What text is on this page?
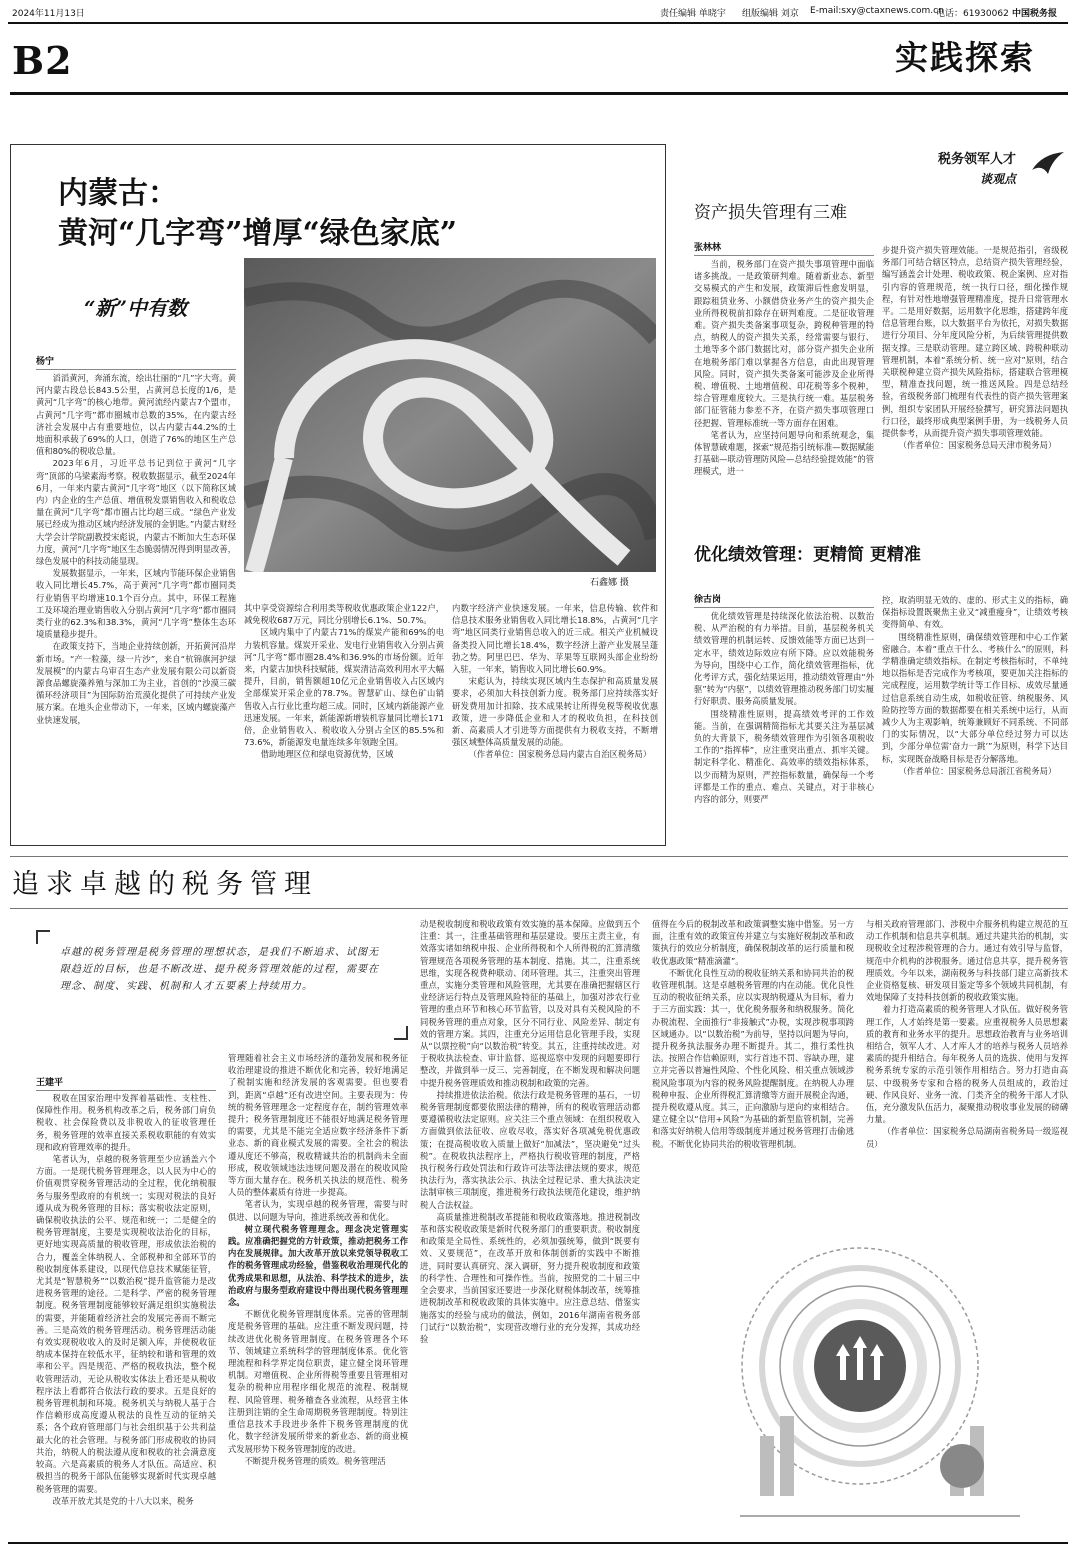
2024年11月13日	责任编辑 单晓宇	组版编辑 刘京	E-mail:sxy@ctaxnews.com.cn
电话：61930062 中国税务报
B2	实践探索
内蒙古：
黄河“几字弯”增厚“绿色家底”
“新”中有数
杨宁
石鑫娜 摄

滔滔黄河，奔涌东流，绘出壮丽的“几”字大弯。黄河内蒙古段总长843.5公里，占黄河总长度的1/6，是黄河“几字弯”的核心地带。黄河流经内蒙古7个盟市，占黄河“几字弯”都市圈城市总数的35%，在内蒙古经济社会发展中占有重要地位，以占内蒙古44.2%的土地面积承载了69%的人口，创造了76%的地区生产总值和80%的税收总量。

2023年6月，习近平总书记到位于黄河“几字弯”顶部的乌梁素海考察。税收数据显示，截至2024年6月，一年来内蒙古黄河“几字弯”地区（以下简称区域内）内企业的生产总值、增值税发票销售收入和税收总量在黄河“几字弯”都市圈占比均超三成。“绿色产业发展已经成为推动区域内经济发展的金钥匙。”内蒙古财经大学会计学院副教授宋彪说，内蒙古不断加大生态环保力度，黄河“几字弯”地区生态脆弱情况得到明显改善，绿色发展中的科技动能显现。

发展数据显示，一年来，区域内节能环保企业销售收入同比增长45.7%，高于黄河“几字弯”都市圈同类行业销售平均增速10.1个百分点。其中，环保工程施工及环境治理业销售收入分别占黄河“几字弯”都市圈同类行业的62.3%和38.3%，黄河“几字弯”整体生态环境质量稳步提升。

在政策支持下，当地企业持续创新，开拓黄河沿岸新市场。“产一粒藻，绿一片沙”，来自“杭锦旗河护绿发展模”的内蒙古乌审召生态产业发展有限公司以新资源食品螺旋藻养殖与深加工为主业，首创的“沙漠三碳循环经济项目”为国际防治荒漠化提供了可持续产业发展方案。在地头企业带动下，一年来，区域内螺旋藻产业快速发展，

其中享受资源综合利用类等税收优惠政策企业122户，减免税收687万元，同比分别增长6.1%、50.7%。

区域内集中了内蒙古71%的煤炭产能和69%的电力装机容量。煤炭开采业、发电行业销售收入分别占黄河“几字弯”都市圈28.4%和36.9%的市场份额。近年来，内蒙古加快科技赋能，煤炭清洁高效利用水平大幅提升，目前，销售额超10亿元企业销售收入占区域内全部煤炭开采企业的78.7%。智慧矿山、绿色矿山销售收入占行业比重均超三成。同时，区域内新能源产业迅速发展。一年来，新能源新增装机容量同比增长171倍，企业销售收入、税收收入分别占全区的85.5%和73.6%，新能源发电量连续多年领跑全国。

借助地理区位和绿电资源优势，区域

内数字经济产业快速发展。一年来，信息传输、软件和信息技术服务业销售收入同比增长18.8%，占黄河“几字弯”地区同类行业销售总收入的近三成。相关产业机械设备类投入同比增长18.4%，数字经济上游产业发展呈蓬勃之势。阿里巴巴、华为、苹果等互联网头部企业纷纷入驻，一年来，销售收入同比增长60.9%。

宋彪认为，持续实现区域内生态保护和高质量发展要求，必须加大科技创新力度。税务部门应持续落实好研发费用加计扣除、技术成果转让所得免税等税收优惠政策，进一步降低企业和人才的税收负担，在科技创新、高素质人才引进等方面提供有力税收支持，不断增强区域整体高质量发展的动能。

（作者单位：国家税务总局内蒙古自治区税务局）

税务领军人才
谈观点
资产损失管理有三难
张林林

当前，税务部门在资产损失事项管理中面临诸多挑战。一是政策研判难。随着新业态、新型交易模式的产生和发展，政策滞后性愈发明显，跟踪租赁业务、小额借贷业务产生的资产损失企业所得税税前扣除存在研判难度。二是征收管理难。资产损失类备案事项复杂，跨税种管理的特点，纳税人的资产损失关系，经常需要与银行、土地等多个部门数据比对，部分资产损失企业所在地税务部门难以掌握各方信息，由此出现管理风险。同时，资产损失类备案可能涉及企业所得税、增值税、土地增值税、印花税等多个税种，综合管理难度较大。三是执行统一难。基层税务部门征管能力参差不齐，在资产损失事项管理口径把握、管理标准统一等方面存在困难。

笔者认为，应坚持问题导向和系统观念，集体智慧破难题，探索“规范指引统标准—数据赋能打基础—联动管理防风险—总结经验提效能”的管理模式，进一

步提升资产损失管理效能。一是规范指引，省级税务部门可结合辖区特点，总结资产损失管理经验，编写涵盖会计处理、税收政策、税企案例、应对指引内容的管理规范，统一执行口径，细化操作规程，有针对性地增强管理精准度，提升日常管理水平。二是用好数据，运用数字化思维，搭建跨年度信息管理台账，以大数据平台为依托，对损失数据进行分项目、分年度风险分析，为后续管理提供数据支撑。三是联动管理。建立跨区域、跨税种联动管理机制，本着“系统分析、统一应对”原则，结合关联税种建立资产损失风险指标，搭建联合管理模型，精准查找问题，统一推送风险。四是总结经验，省级税务部门梳理有代表性的资产损失管理案例，组织专家团队开展经验撰写，研究算法问题执行口径，最终形成典型案例手册，为一线税务人员提供参考，从而提升资产损失事项管理效能。

（作者单位：国家税务总局天津市税务局）

优化绩效管理：更精简 更精准
徐古岗

优化绩效管理是持续深化依法治税、以数治税、从严治税的有力举措。目前，基层税务机关绩效管理的机制运转、反馈效能等方面已达到一定水平，绩效边际效应有所下降。应以效能税务为导向，围绕中心工作，简化绩效管理指标，优化考评方式，强化结果运用，推动绩效管理由“外驱”转为“内驱”，以绩效管理推动税务部门切实履行好职责、服务高质量发展。

围绕精准性原则，提高绩效考评的工作效能。当前，在强调精简指标尤其要关注为基层减负的大背景下，税务绩效管理作为引领各项税收工作的“指挥棒”，应注重突出重点、抓牢关键。制定科学化、精准化、高效率的绩效指标体系，以少而精为原则，严控指标数量，确保每一个考评都是工作的重点、难点、关键点，对于非核心内容的部分，则要严

控，取消明显无效的、虚的、形式主义的指标，确保指标设置既聚焦主业又“减重瘦身”，让绩效考核变得简单、有效。

围绕精准性原则，确保绩效管理和中心工作紧密融合。本着“重点干什么、考核什么”的原则，科学精准确定绩效指标。在制定考核指标时，不单纯地以指标是否完成作为考核项，要更加关注指标的完成程度，运用数学统计等工作目标、成效尽量通过信息系统自动生成，如税收征管、纳税服务、风险防控等方面的数据都要在相关系统中运行，从而减少人为主观影响，统筹兼顾好不同系统、不同部门的实际情况，以“大部分单位经过努力可以达到，少部分单位需‘奋力一跳’”为原则，科学下达目标，实现既奋战略目标是否分解落地。

（作者单位：国家税务总局浙江省税务局）

追求卓越的税务管理
卓越的税务管理是税务管理的理想状态，是我们不断追求、试图无限趋近的目标，也是不断改进、提升税务管理效能的过程，需要在理念、制度、实践、机制和人才五要素上持续用力。
王建平

税收在国家治理中发挥着基础性、支柱性、保障性作用。税务机构改革之后，税务部门肩负税收、社会保险费以及非税收入的征收管理任务，税务管理的效率直接关系税收职能的有效实现和政府管理效率的提升。

笔者认为，卓越的税务管理至少应涵盖六个方面。一是现代税务管理理念，以人民为中心的价值观贯穿税务管理活动的全过程，优化纳税服务与服务型政府的有机统一；实现对税法的良好遵从成为税务管理的目标；落实税收法定原则，确保税收执法的公平、规范和统一；二是健全的税务管理制度，主要是实现税收法治化的目标，更好地实现高质量的税收管理，形成依法治税的合力，覆盖全体纳税人、全部税种和全部环节的税收制度体系建设，以现代信息技术赋能征管，尤其是“智慧税务”“以数治税”提升监管能力是改进税务管理的途径。二是科学、严密的税务管理制度。税务管理制度能够较好满足组织实施税法的需要，并能随着经济社会的发展完善而不断完善。三是高效的税务管理活动。税务管理活动能有效实现税收收入的及时足额入库，并使税收征纳成本保持在较低水平，征纳较和谐和管理的效率和公平。四是规范、严格的税收执法，整个税收管理活动，无论从税收实体法上看还是从税收程序法上看都符合依法行政的要求。五是良好的税务管理机制和环境。税务机关与纳税人基于合作信赖形成高度遵从税法的良性互动的征纳关系；各个政府管理部门与社会组织基于公共利益最大化的社会管理。与税务部门形成税收的协同共治，纳税人的税法遵从度和税收的社会满意度较高。六是高素质的税务人才队伍。高适应、积极担当的税务干部队伍能够实现新时代实现卓越税务管理的需要。

改革开放尤其是党的十八大以来，税务

管理随着社会主义市场经济的蓬勃发展和税务征收治理建设的推进不断优化和完善，较好地满足了税制实施和经济发展的客观需要。但也要看到，距离“卓越”还有改进空间。主要表现为：传统的税务管理理念一定程度存在，制约管理效率提升；税务管理制度还不能很好地满足税务管理的需要，尤其是不能完全适应数字经济条件下新业态、新的商业模式发展的需要。全社会的税法遵从度还不够高，税收精诚共治的机制尚未全面形成，税收领域违法违规问题及潜在的税收风险等方面大量存在。税务机关执法的规范性、税务人员的整体素质有待进一步提高。

笔者认为，实现卓越的税务管理，需要与时俱进、以问题为导向，推进系统改善和优化。

树立现代税务管理理念。理念决定管理实践。应准确把握党的方针政策，推动把税务工作内在发展规律。加大改革开放以来党领导税收工作的税务管理成功经验，借鉴税收治理现代化的优秀成果和思想，从法治、科学技术的进步，法治政府与服务型政府建设中得出现代税务管理理念。

不断优化税务管理制度体系。完善的管理制度是税务管理的基础。应注重不断发现问题，持续改进优化税务管理制度。在税务管理各个环节、领域建立系统科学的管理制度体系。优化管理流程和科学界定岗位职责，建立健全岗环管理机制。对增值税、企业所得税等重要且管理相对复杂的税种应用程序细化规范的流程、税制规程、风险管理、税务稽查各业流程，从经营主体注册到注销的全生命周期税务管理制度。特别注重信息技术手段进步条件下税务管理制度的优化，数字经济发展所带来的新业态、新的商业模式发展形势下税务管理制度的改进。

不断提升税务管理的质效。税务管理活

动是税收制度和税收政策有效实施的基本保障。应做到五个注重：其一，注重基础管理和基层建设。要压主责主业，有效落实诸如纳税申报、企业所得税和个人所得税的汇算清缴管理规范各项税务管理的基本制度、措施。其二，注重系统思维，实现各税费种联动、闭环管理。其三，注重突出管理重点，实施分类管理和风险管理，尤其要在准确把握辖区行业经济运行特点及管理风险特征的基础上，加强对涉农行业管理的重点环节和核心环节监管，以及对具有关税风险的不同税务管理的重点对象，区分不同行业、风险差异、制定有效的管理方案。其四，注重充分运用信息化管理手段，实现从“以票控税”向“以数治税”转变。其五，注重持续改进。对于税收执法检查、审计监督、巡视巡察中发现的问题要即行整改，并做到举一反三、完善制度，在不断发现和解决问题中提升税务管理质效和推动税制和政策的完善。

持续推进依法治税。依法行政是税务管理的基石，一切税务管理制度都要依照法律的精神，所有的税收管理活动都要遵循税收法定原则。应关注三个重点领域：在组织税收入方面做到依法征收、应收尽收，落实好各项减免税优惠政策；在提高税收收入质量上做好“加减法”，坚决避免“过头税”。在税收执法程序上，严格执行税收管理的制度，严格执行税务行政处罚法和行政许可法等法律法规的要求，规范执法行为，落实执法公示、执法全过程记录、重大执法决定法制审核三项制度，推进税务行政执法规范化建设，维护纳税人合法权益。

高质量推进税制改革提能和税收政策落地。推进税制改革和落实税收政策是新时代税务部门的重要职责。税收制度和政策是全局性、系统性的，必须加强统筹，做到“既要有效、又要规范”，在改革开放和体制创新的实践中不断推进，同时要认真研究、深入调研，努力提升税收制度和政策的科学性、合理性和可操作性。当前，按照党的二十届三中全会要求，当前国家还要进一步深化财税体制改革，统筹推进税制改革和税收政策的具体实施中。应注意总结、借鉴实施落实的经验与成功的做法，例如，2016年湖南省税务部门试行“以数治税”，实现营改增行业的充分发挥，其成功经验

值得在今后的税制改革和政策调整实施中借鉴。另一方面，注重有效的政策宣传并建立与实施好税制改革和政策执行的效应分析制度，确保税制改革的运行质量和税收优惠政策“精准滴灌”。

不断优化良性互动的税收征纳关系和协同共治的税收管理机制。这是卓越税务管理的内在动能。优化良性互动的税收征纳关系，应以实现纳税遵从为目标，着力于三方面实践：其一，优化税务服务和纳税服务。简化办税流程、全面推行“非接触式”办税，实现涉税事项跨区域通办。以“以数治税”为前导，坚持以问题为导向，提升税务执法服务办理不断提升。其二，推行柔性执法。按照合作信赖原则，实行首违不罚、容缺办理，建立并完善以普遍性风险、个性化风险、相关重点领域涉税风险事项为内容的税务风险提醒制度。在纳税人办理税种申报、企业所得税汇算清缴等方面开展税企沟通，提升税收遵从度。其三，正向激励与逆向约束相结合。建立健全以“信用+风险”为基础的新型监管机制，完善和落实好纳税人信用等级制度并通过税务管理打击偷逃税。不断优化协同共治的税收管理机制。

与相关政府管理部门、涉税中介服务机构建立规范的互动工作机制和信息共享机制。通过共建共治的机制，实现税收全过程涉税管理的合力。通过有效引导与监督，规范中介机构的涉税服务。通过信息共享，提升税务管理质效。今年以来，湖南税务与科技部门建立高新技术企业资格复核、研发项目鉴定等多个领域共同机制，有效地保障了支持科技创新的税收政策实施。

着力打造高素质的税务管理人才队伍。做好税务管理工作，人才始终是第一要素。应重视税务人员思想素质的教育和业务水平的提升。思想政治教育与业务培训相结合，领军人才、人才库人才的培养与税务人员培养素质的提升相结合。每年税务人员的选拔、使用与发挥税务系统专家的示范引领作用相结合。努力打造由高层、中级税务专家和合格的税务人员组成的，政治过硬、作风良好、业务一流、门类齐全的税务干部人才队伍，充分激发队伍活力，凝聚推动税收事业发展的磅礴力量。

（作者单位：国家税务总局湖南省税务局一级巡视员）
